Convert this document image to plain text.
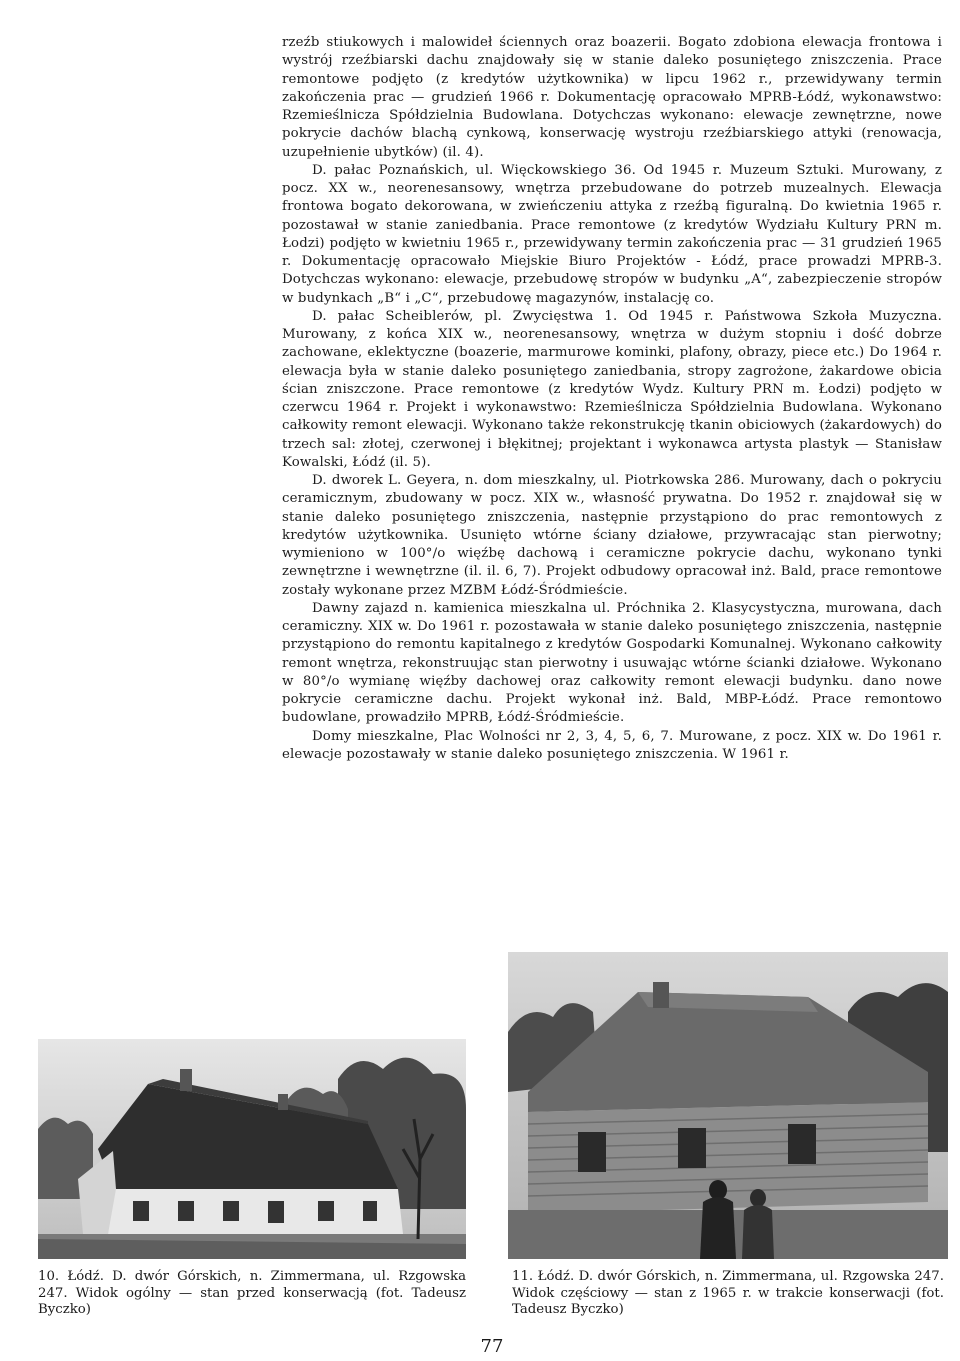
rzeźb stiukowych i malowideł ściennych oraz boazerii. Bogato zdobiona elewacja frontowa i wystrój rzeźbiarski dachu znajdowały się w stanie daleko posuniętego zniszczenia. Prace remontowe podjęto (z kredytów użytkownika) w lipcu 1962 r., przewidywany termin zakończenia prac — grudzień 1966 r. Dokumentację opracowało MPRB-Łódź, wykonawstwo: Rzemieślnicza Spółdzielnia Budowlana. Dotychczas wykonano: elewacje zewnętrzne, nowe pokrycie dachów blachą cynkową, konserwację wystroju rzeźbiarskiego attyki (renowacja, uzupełnienie ubytków) (il. 4).

D. pałac Poznańskich, ul. Więckowskiego 36. Od 1945 r. Muzeum Sztuki. Murowany, z pocz. XX w., neorenesansowy, wnętrza przebudowane do potrzeb muzealnych. Elewacja frontowa bogato dekorowana, w zwieńczeniu attyka z rzeźbą figuralną. Do kwietnia 1965 r. pozostawał w stanie zaniedbania. Prace remontowe (z kredytów Wydziału Kultury PRN m. Łodzi) podjęto w kwietniu 1965 r., przewidywany termin zakończenia prac — 31 grudzień 1965 r. Dokumentację opracowało Miejskie Biuro Projektów - Łódź, prace prowadzi MPRB-3. Dotychczas wykonano: elewacje, przebudowę stropów w budynku „A“, zabezpieczenie stropów w budynkach „B“ i „C“, przebudowę magazynów, instalację co.

D. pałac Scheiblerów, pl. Zwycięstwa 1. Od 1945 r. Państwowa Szkoła Muzyczna. Murowany, z końca XIX w., neorenesansowy, wnętrza w dużym stopniu i dość dobrze zachowane, eklektyczne (boazerie, marmurowe kominki, plafony, obrazy, piece etc.) Do 1964 r. elewacja była w stanie daleko posuniętego zaniedbania, stropy zagrożone, żakardowe obicia ścian zniszczone. Prace remontowe (z kredytów Wydz. Kultury PRN m. Łodzi) podjęto w czerwcu 1964 r. Projekt i wykonawstwo: Rzemieślnicza Spółdzielnia Budowlana. Wykonano całkowity remont elewacji. Wykonano także rekonstrukcję tkanin obiciowych (żakardowych) do trzech sal: złotej, czerwonej i błękitnej; projektant i wykonawca artysta plastyk — Stanisław Kowalski, Łódź (il. 5).

D. dworek L. Geyera, n. dom mieszkalny, ul. Piotrkowska 286. Murowany, dach o pokryciu ceramicznym, zbudowany w pocz. XIX w., własność prywatna. Do 1952 r. znajdował się w stanie daleko posuniętego zniszczenia, następnie przystąpiono do prac remontowych z kredytów użytkownika. Usunięto wtórne ściany działowe, przywracając stan pierwotny; wymieniono w 100°/o więźbę dachową i ceramiczne pokrycie dachu, wykonano tynki zewnętrzne i wewnętrzne (il. il. 6, 7). Projekt odbudowy opracował inż. Bald, prace remontowe zostały wykonane przez MZBM Łódź-Śródmieście.

Dawny zajazd n. kamienica mieszkalna ul. Próchnika 2. Klasycystyczna, murowana, dach ceramiczny. XIX w. Do 1961 r. pozostawała w stanie daleko posuniętego zniszczenia, następnie przystąpiono do remontu kapitalnego z kredytów Gospodarki Komunalnej. Wykonano całkowity remont wnętrza, rekonstruując stan pierwotny i usuwając wtórne ścianki działowe. Wykonano w 80°/o wymianę więźby dachowej oraz całkowity remont elewacji budynku. dano nowe pokrycie ceramiczne dachu. Projekt wykonał inż. Bald, MBP-Łódź. Prace remontowo budowlane, prowadziło MPRB, Łódź-Śródmieście.

Domy mieszkalne, Plac Wolności nr 2, 3, 4, 5, 6, 7. Murowane, z pocz. XIX w. Do 1961 r. elewacje pozostawały w stanie daleko posuniętego zniszczenia. W 1961 r.

10. Łódź. D. dwór Górskich, n. Zimmermana, ul. Rzgowska 247. Widok ogólny — stan przed konserwacją (fot. Tadeusz Byczko)
11. Łódź. D. dwór Górskich, n. Zimmermana, ul. Rzgowska 247. Widok częściowy — stan z 1965 r. w trakcie konserwacji (fot. Tadeusz Byczko)
77
